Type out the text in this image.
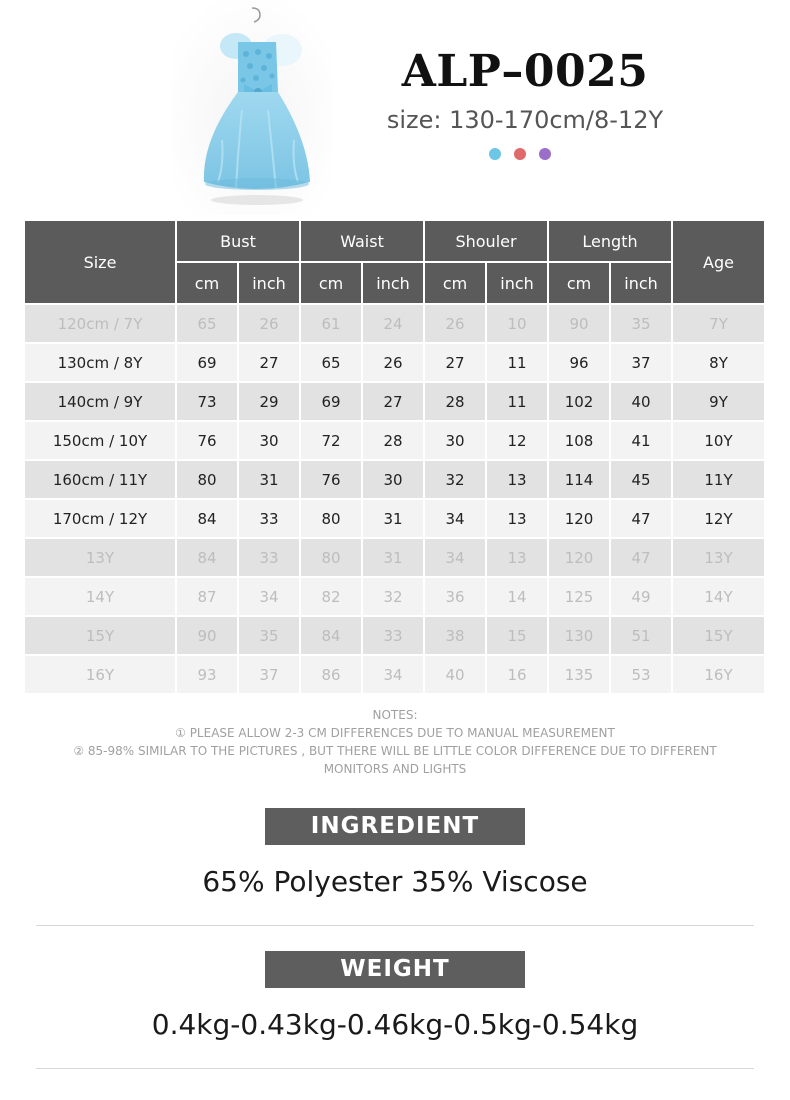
ALP–0025
size: 130-170cm/8-12Y
Size	Bust		Waist		Shouler		Length		Age
	cm	inch	cm	inch	cm	inch	cm	inch	
120cm / 7Y	65	26	61	24	26	10	90	35	7Y
130cm / 8Y	69	27	65	26	27	11	96	37	8Y
140cm / 9Y	73	29	69	27	28	11	102	40	9Y
150cm / 10Y	76	30	72	28	30	12	108	41	10Y
160cm / 11Y	80	31	76	30	32	13	114	45	11Y
170cm / 12Y	84	33	80	31	34	13	120	47	12Y
13Y	84	33	80	31	34	13	120	47	13Y
14Y	87	34	82	32	36	14	125	49	14Y
15Y	90	35	84	33	38	15	130	51	15Y
16Y	93	37	86	34	40	16	135	53	16Y
NOTES:
① PLEASE ALLOW 2-3 CM DIFFERENCES DUE TO MANUAL MEASUREMENT
② 85-98% SIMILAR TO THE PICTURES , BUT THERE WILL BE LITTLE COLOR DIFFERENCE DUE TO DIFFERENT
MONITORS AND LIGHTS
INGREDIENT
65% Polyester 35% Viscose
WEIGHT
0.4kg-0.43kg-0.46kg-0.5kg-0.54kg
